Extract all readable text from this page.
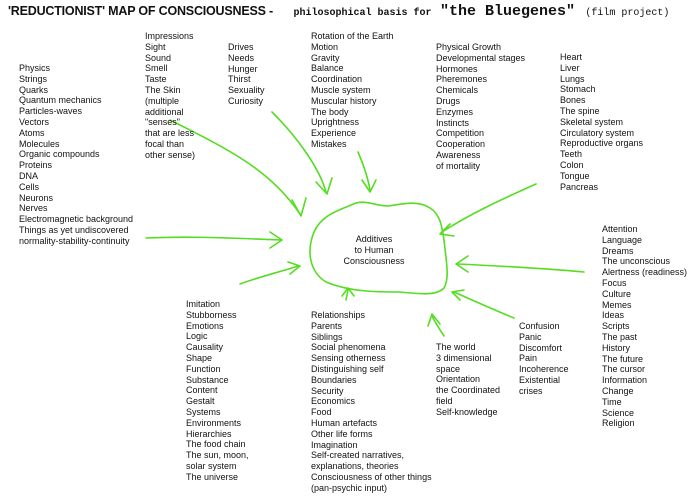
'REDUCTIONIST' MAP OF CONSCIOUSNESS - philosophical basis for "the Bluegenes" (film project)
Additives
to Human
Consciousness
Physics
Strings
Quarks
Quantum mechanics
Particles-waves
Vectors
Atoms
Molecules
Organic compounds
Proteins
DNA
Cells
Neurons
Nerves
Electromagnetic background
Things as yet undiscovered
normality-stability-continuity
Impressions
Sight
Sound
Smell
Taste
The Skin
(multiple
additional
"senses"
that are less
focal than
other sense)
Drives
Needs
Hunger
Thirst
Sexuality
Curiosity
Rotation of the Earth
Motion
Gravity
Balance
Coordination
Muscle system
Muscular history
The body
Uprightness
Experience
Mistakes
Physical Growth
Developmental stages
Hormones
Pheremones
Chemicals
Drugs
Enzymes
Instincts
Competition
Cooperation
Awareness
of mortality
Heart
Liver
Lungs
Stomach
Bones
The spine
Skeletal system
Circulatory system
Reproductive organs
Teeth
Colon
Tongue
Pancreas
Attention
Language
Dreams
The unconscious
Alertness (readiness)
Focus
Culture
Memes
Ideas
Scripts
The past
History
The future
The cursor
Information
Change
Time
Science
Religion
Imitation
Stubborness
Emotions
Logic
Causality
Shape
Function
Substance
Content
Gestalt
Systems
Environments
Hierarchies
The food chain
The sun, moon,
solar system
The universe
Relationships
Parents
Siblings
Social phenomena
Sensing otherness
Distinguishing self
Boundaries
Security
Economics
Food
Human artefacts
Other life forms
Imagination
Self-created narratives,
explanations, theories
Consciousness of other things
(pan-psychic input)
The world
3 dimensional
space
Orientation
the Coordinated
field
Self-knowledge
Confusion
Panic
Discomfort
Pain
Incoherence
Existential
crises
